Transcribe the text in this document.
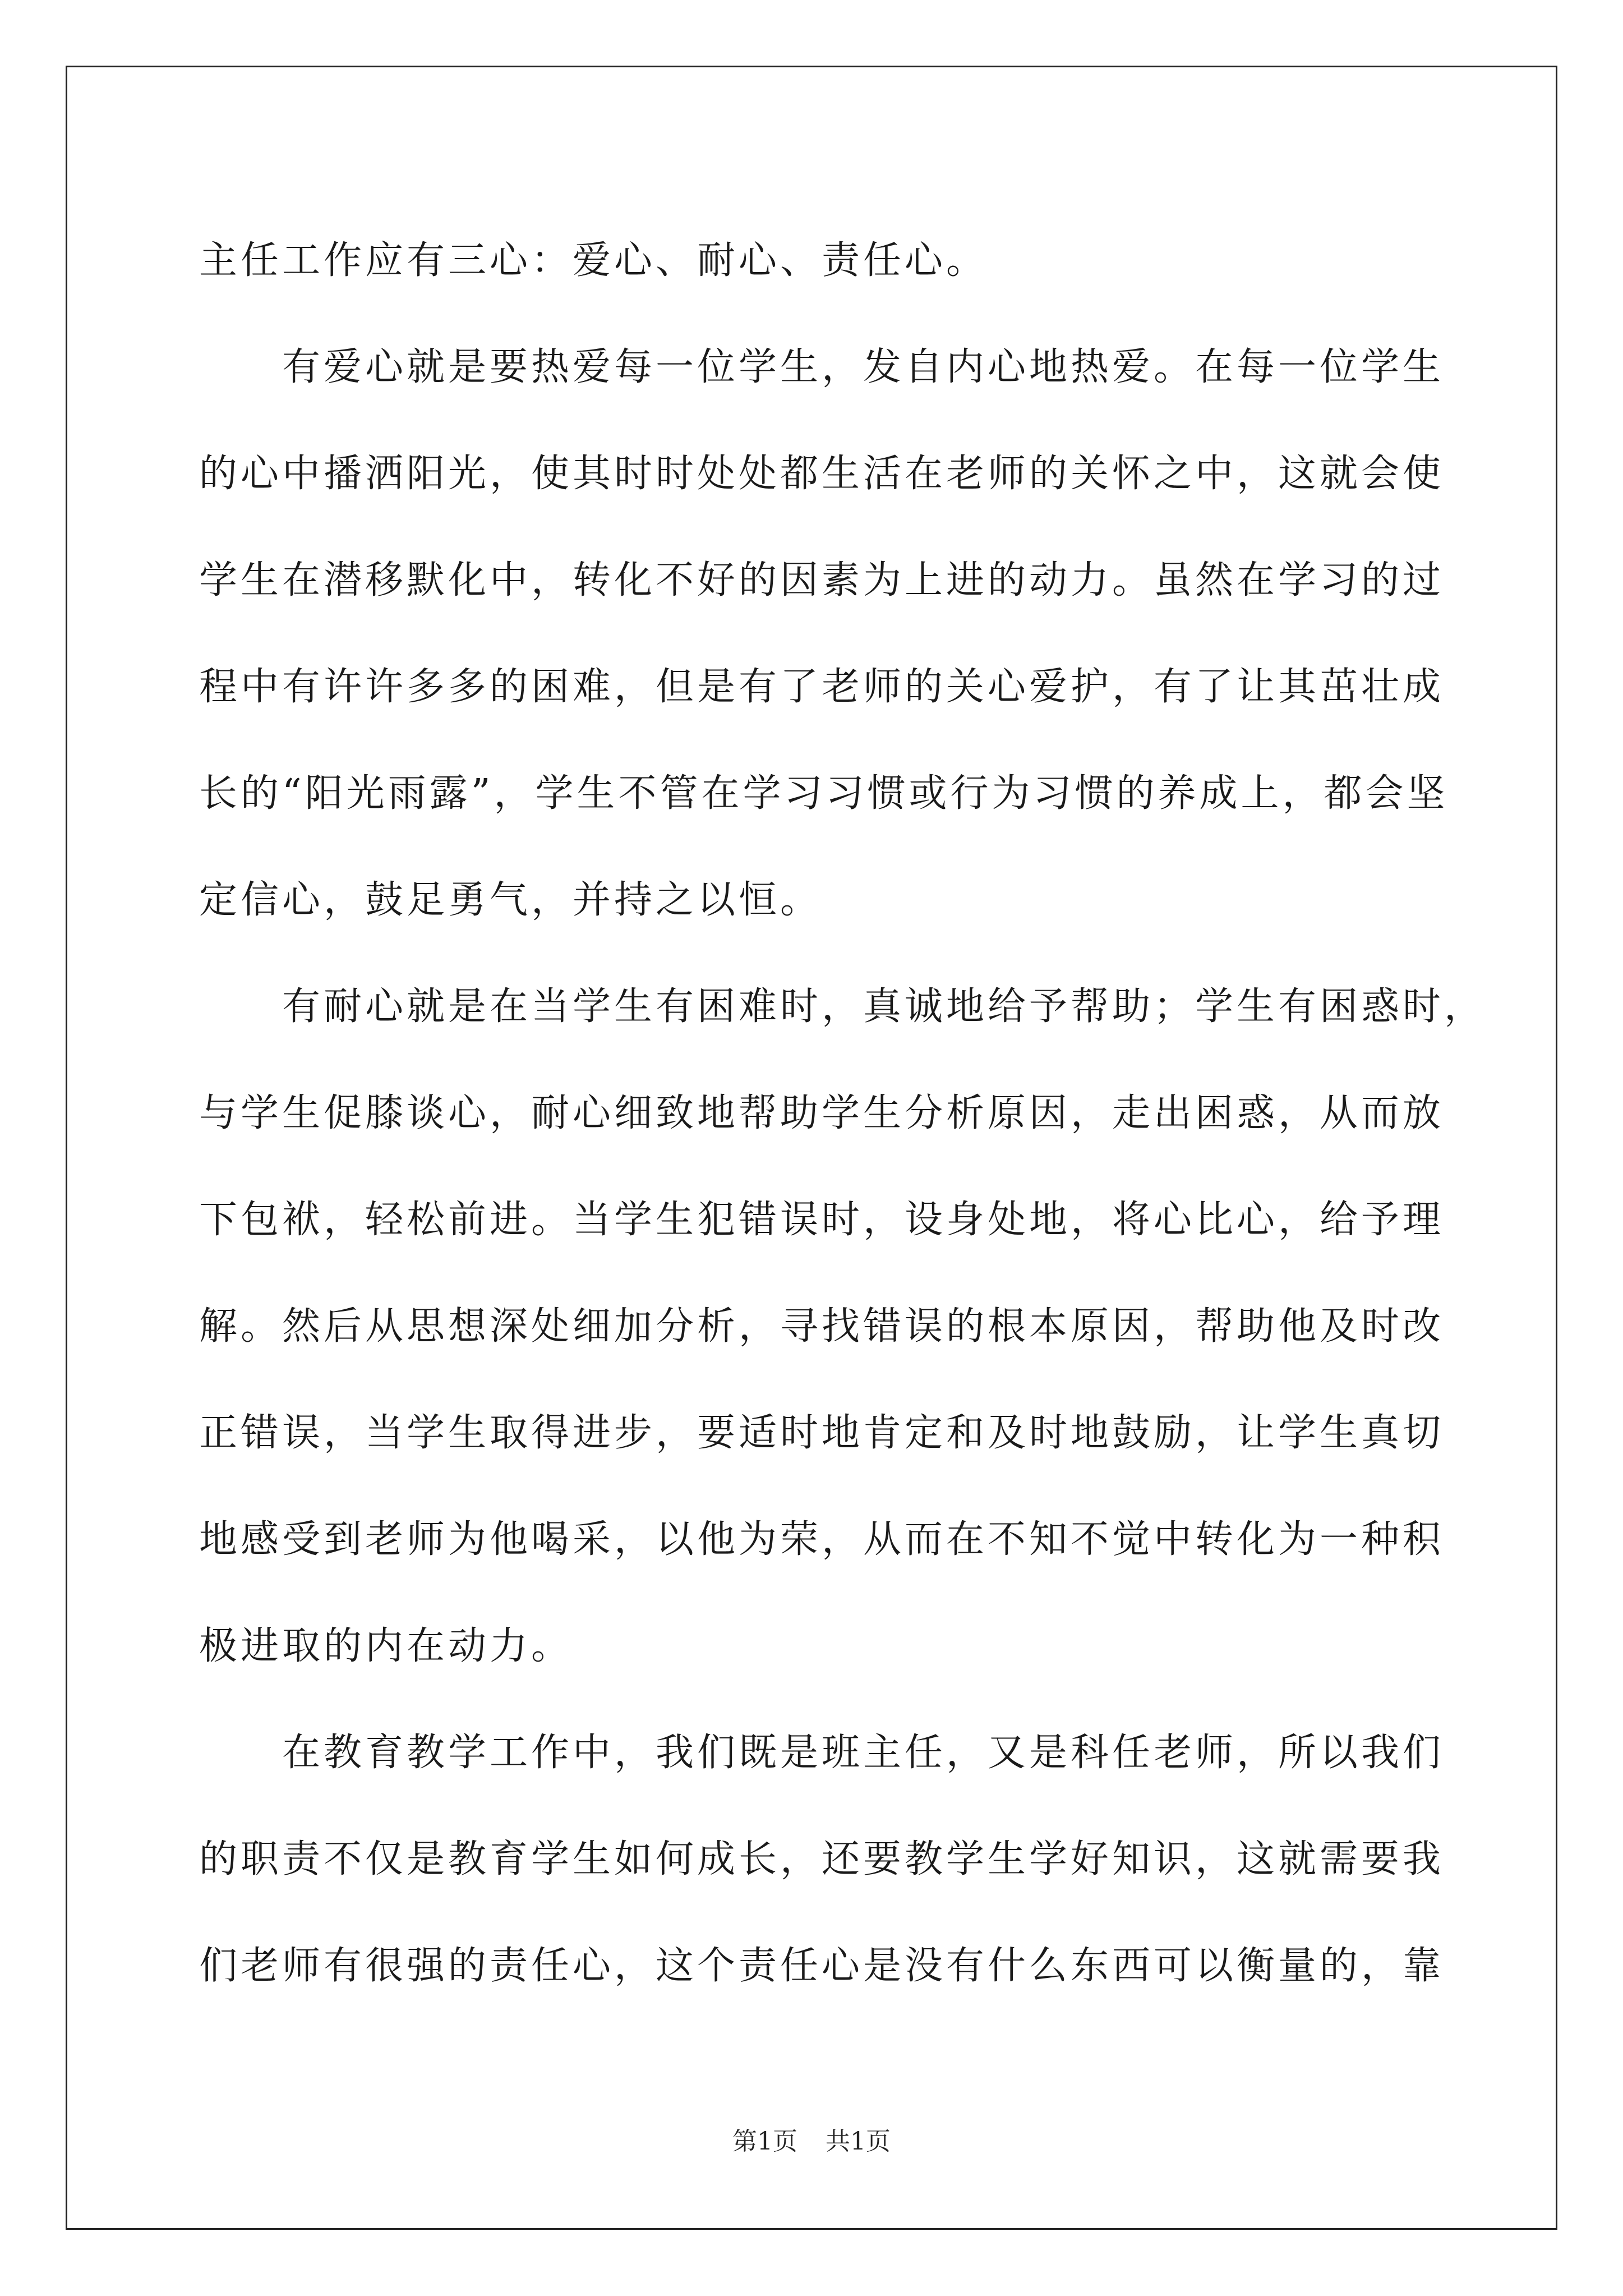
主任工作应有三心：爱心、耐心、责任心。
有爱心就是要热爱每一位学生，发自内心地热爱。在每一位学生
的心中播洒阳光，使其时时处处都生活在老师的关怀之中，这就会使
学生在潜移默化中，转化不好的因素为上进的动力。虽然在学习的过
程中有许许多多的困难，但是有了老师的关心爱护，有了让其茁壮成
长的“阳光雨露”，学生不管在学习习惯或行为习惯的养成上，都会坚
定信心，鼓足勇气，并持之以恒。
有耐心就是在当学生有困难时，真诚地给予帮助；学生有困惑时，
与学生促膝谈心，耐心细致地帮助学生分析原因，走出困惑，从而放
下包袱，轻松前进。当学生犯错误时，设身处地，将心比心，给予理
解。然后从思想深处细加分析，寻找错误的根本原因，帮助他及时改
正错误，当学生取得进步，要适时地肯定和及时地鼓励，让学生真切
地感受到老师为他喝采，以他为荣，从而在不知不觉中转化为一种积
极进取的内在动力。
在教育教学工作中，我们既是班主任，又是科任老师，所以我们
的职责不仅是教育学生如何成长，还要教学生学好知识，这就需要我
们老师有很强的责任心，这个责任心是没有什么东西可以衡量的，靠
第1页 共1页
